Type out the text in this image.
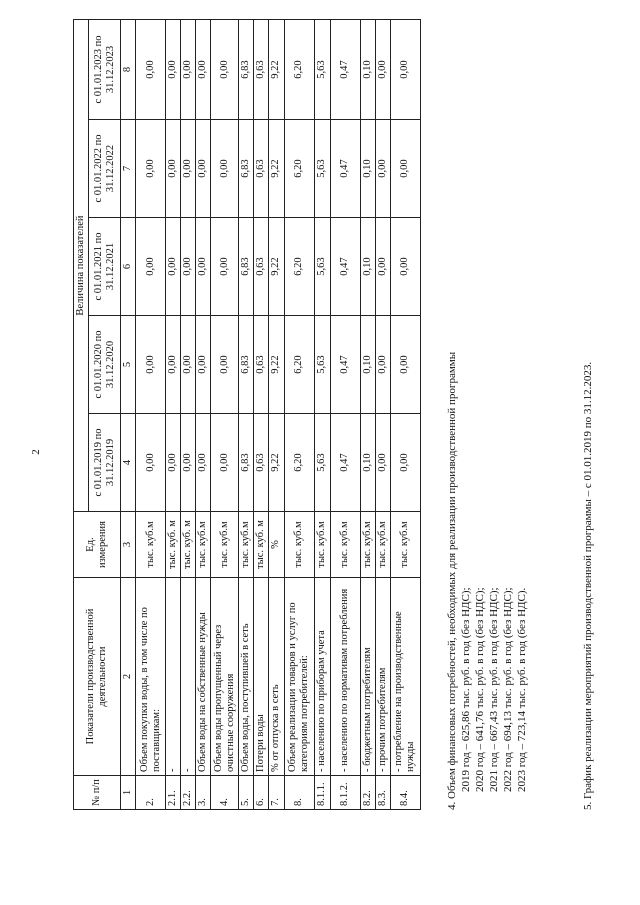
2
№ п/п	Показатели производственной деятельности	Ед. измерения	Величина показателей				
			с 01.01.2019 по 31.12.2019	с 01.01.2020 по 31.12.2020	с 01.01.2021 по 31.12.2021	с 01.01.2022 по 31.12.2022	с 01.01.2023 по 31.12.2023
1	2	3	4	5	6	7	8
2.	Объем покупки воды, в том числе по поставщикам:	тыс. куб.м	0,00	0,00	0,00	0,00	0,00
2.1.	-	тыс. куб. м	0,00	0,00	0,00	0,00	0,00
2.2.	-	тыс. куб. м	0,00	0,00	0,00	0,00	0,00
3.	Объем воды на собственные нужды	тыс. куб.м	0,00	0,00	0,00	0,00	0,00
4.	Объем воды пропущенный через очистные сооружения	тыс. куб.м	0,00	0,00	0,00	0,00	0,00
5.	Объем воды, поступившей в сеть	тыс. куб.м	6,83	6,83	6,83	6,83	6,83
6.	Потери воды	тыс. куб. м	0,63	0,63	0,63	0,63	0,63
7.	% от отпуска в сеть	%	9,22	9,22	9,22	9,22	9,22
8.	Объем реализации товаров и услуг по категориям потребителей:	тыс. куб.м	6,20	6,20	6,20	6,20	6,20
8.1.1.	- населению по приборам учета	тыс. куб.м	5,63	5,63	5,63	5,63	5,63
8.1.2.	- населению по нормативам потребления	тыс. куб.м	0,47	0,47	0,47	0,47	0,47
8.2.	- бюджетным потребителям	тыс. куб.м	0,10	0,10	0,10	0,10	0,10
8.3.	- прочим потребителям	тыс. куб.м	0,00	0,00	0,00	0,00	0,00
8.4.	- потребление на производственные нужды	тыс. куб.м	0,00	0,00	0,00	0,00	0,00
4. Объем финансовых потребностей, необходимых для реализации производственной программы 2019 год – 625,86 тыс. руб. в год (без НДС); 2020 год – 641,76 тыс. руб. в год (без НДС); 2021 год – 667,43 тыс. руб. в год (без НДС); 2022 год – 694,13 тыс. руб. в год (без НДС); 2023 год – 723,14 тыс. руб. в год (без НДС).	5. График реализации мероприятий производственной программы – с 01.01.2019 по 31.12.2023.
